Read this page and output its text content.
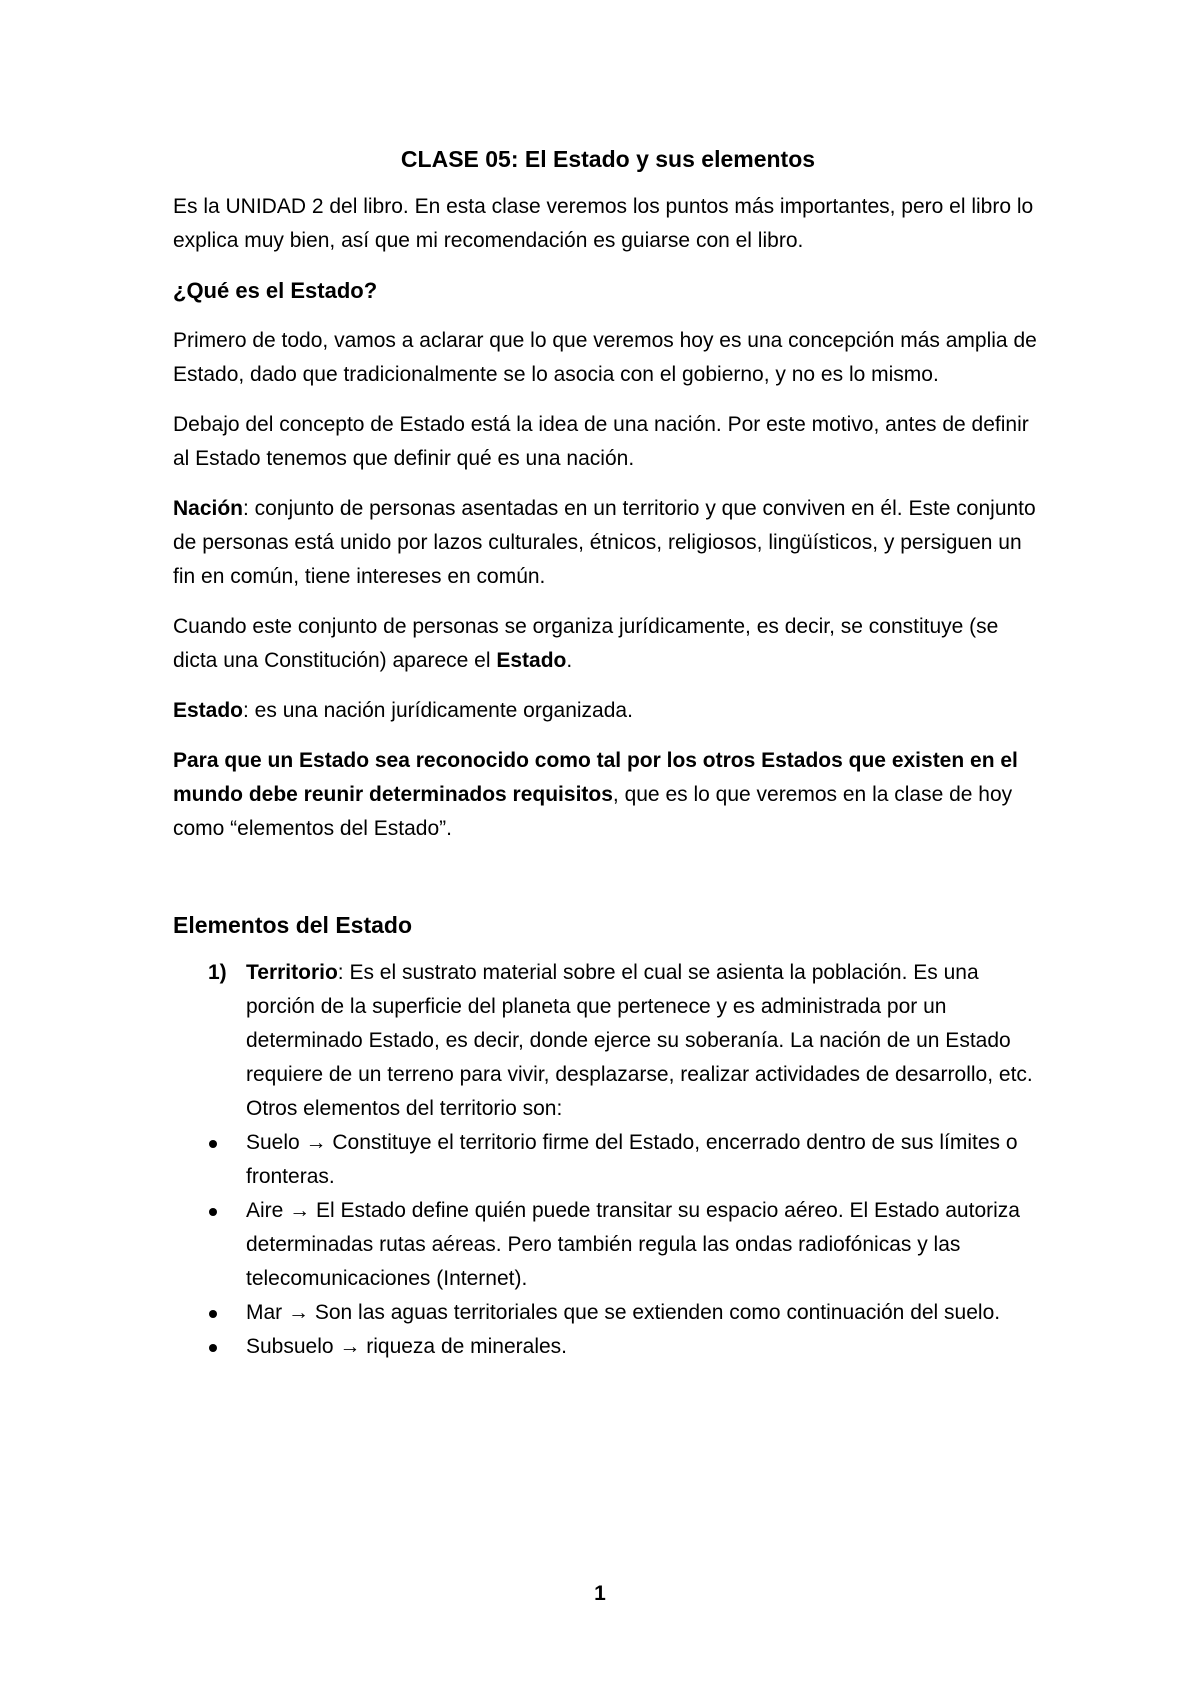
CLASE 05: El Estado y sus elementos

Es la UNIDAD 2 del libro. En esta clase veremos los puntos más importantes, pero el libro lo explica muy bien, así que mi recomendación es guiarse con el libro.

¿Qué es el Estado?

Primero de todo, vamos a aclarar que lo que veremos hoy es una concepción más amplia de Estado, dado que tradicionalmente se lo asocia con el gobierno, y no es lo mismo.

Debajo del concepto de Estado está la idea de una nación. Por este motivo, antes de definir al Estado tenemos que definir qué es una nación.

Nación: conjunto de personas asentadas en un territorio y que conviven en él. Este conjunto de personas está unido por lazos culturales, étnicos, religiosos, lingüísticos, y persiguen un fin en común, tiene intereses en común.

Cuando este conjunto de personas se organiza jurídicamente, es decir, se constituye (se dicta una Constitución) aparece el Estado.

Estado: es una nación jurídicamente organizada.

Para que un Estado sea reconocido como tal por los otros Estados que existen en el mundo debe reunir determinados requisitos, que es lo que veremos en la clase de hoy como “elementos del Estado”.

Elementos del Estado
1) Territorio: Es el sustrato material sobre el cual se asienta la población. Es una porción de la superficie del planeta que pertenece y es administrada por un determinado Estado, es decir, donde ejerce su soberanía. La nación de un Estado requiere de un terreno para vivir, desplazarse, realizar actividades de desarrollo, etc.
Otros elementos del territorio son:
Suelo → Constituye el territorio firme del Estado, encerrado dentro de sus límites o fronteras.
Aire → El Estado define quién puede transitar su espacio aéreo. El Estado autoriza determinadas rutas aéreas. Pero también regula las ondas radiofónicas y las telecomunicaciones (Internet).
Mar → Son las aguas territoriales que se extienden como continuación del suelo.
Subsuelo → riqueza de minerales.
1
